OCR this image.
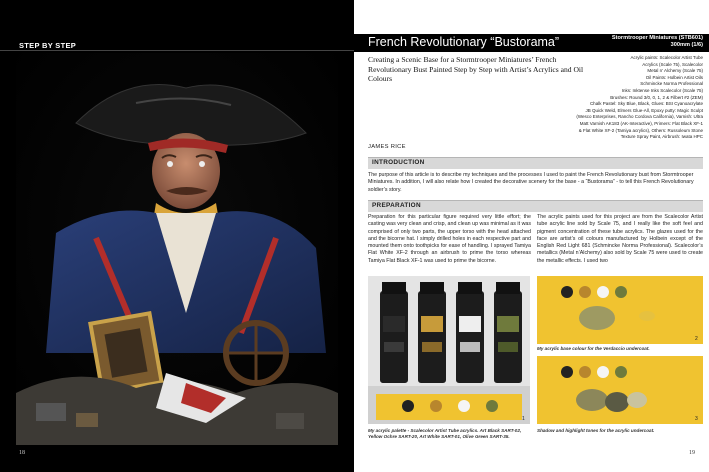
STEP BY STEP
18
French Revolutionary “Bustorama”	Stormtrooper Miniatures (STB601)
300mm (1/6)
Creating a Scenic Base for a Stormtrooper Miniatures’ French Revolutionary Bust Painted Step by Step with Artist’s Acrylics and Oil Colours
JAMES RICE
Acrylic paints: Scalecolor Artist Tube
Acrylics (Scale 75), Scalecolor
Metal n’ Alchemy (Scale 75)
Oil Paints: Holbein Artist Oils
Schmincke Norma Professional
Inks: Inktense Inks Scalecolor (Scale 75)
Brushes: Round 3/0, 0, 1, 2 & Filbert #2 (ZEM)
Chalk Pastel: Sky Blue, Black, Glues: BSI Cyanoacrylate
JB Quick Weld, Elmers Glue-All, Epoxy putty: Magic Sculpt
(Wesco Enterprises, Rancho Cordova California), Varnish: Ultra
Matt Varnish AK183 (AK-Interactive), Primers: Flat Black XF-1
& Flat White XF-2 (Tamiya acrylics), Others: Russoleum Stone
Texture Spray Paint, Airbrush: Iwata HPC
INTRODUCTION
The purpose of this article is to describe my techniques and the processes I used to paint the French Revolutionary bust from Stormtrooper Miniatures. In addition, I will also relate how I created the decorative scenery for the base - a “Bustorama” - to tell this French Revolutionary soldier’s story.
PREPARATION
Preparation for this particular figure required very little effort; the casting was very clean and crisp, and clean up was minimal as it was comprised of only two parts, the upper torso with the head attached and the bicorne hat. I simply drilled holes in each respective part and mounted them onto toothpicks for ease of handling. I sprayed Tamiya Flat White XF-2 through an airbrush to prime the torso whereas Tamiya Flat Black XF-1 was used to prime the bicorne.
The acrylic paints used for this project are from the Scalecolor Artist tube acrylic line sold by Scale 75, and I really like the soft feel and pigment concentration of these tube acrylics. The glazes used for the face are artist’s oil colours manufactured by Holbein except of the English Red Light 681 (Schmincke Norma Professional). Scalecolor’s metallics (Metal n’Alchemy) also sold by Scale 75 were used to create the metallic effects. I used two
1
2
3
My acrylic palette - Scalecolor Artist Tube acrylics. Art Black SART-02, Yellow Ochre SART-20, Art White SART-01, Olive Green SART-35.
My acrylic base colour for the Verdaccio undercoat.
Shadow and highlight tones for the acrylic undercoat.
19
